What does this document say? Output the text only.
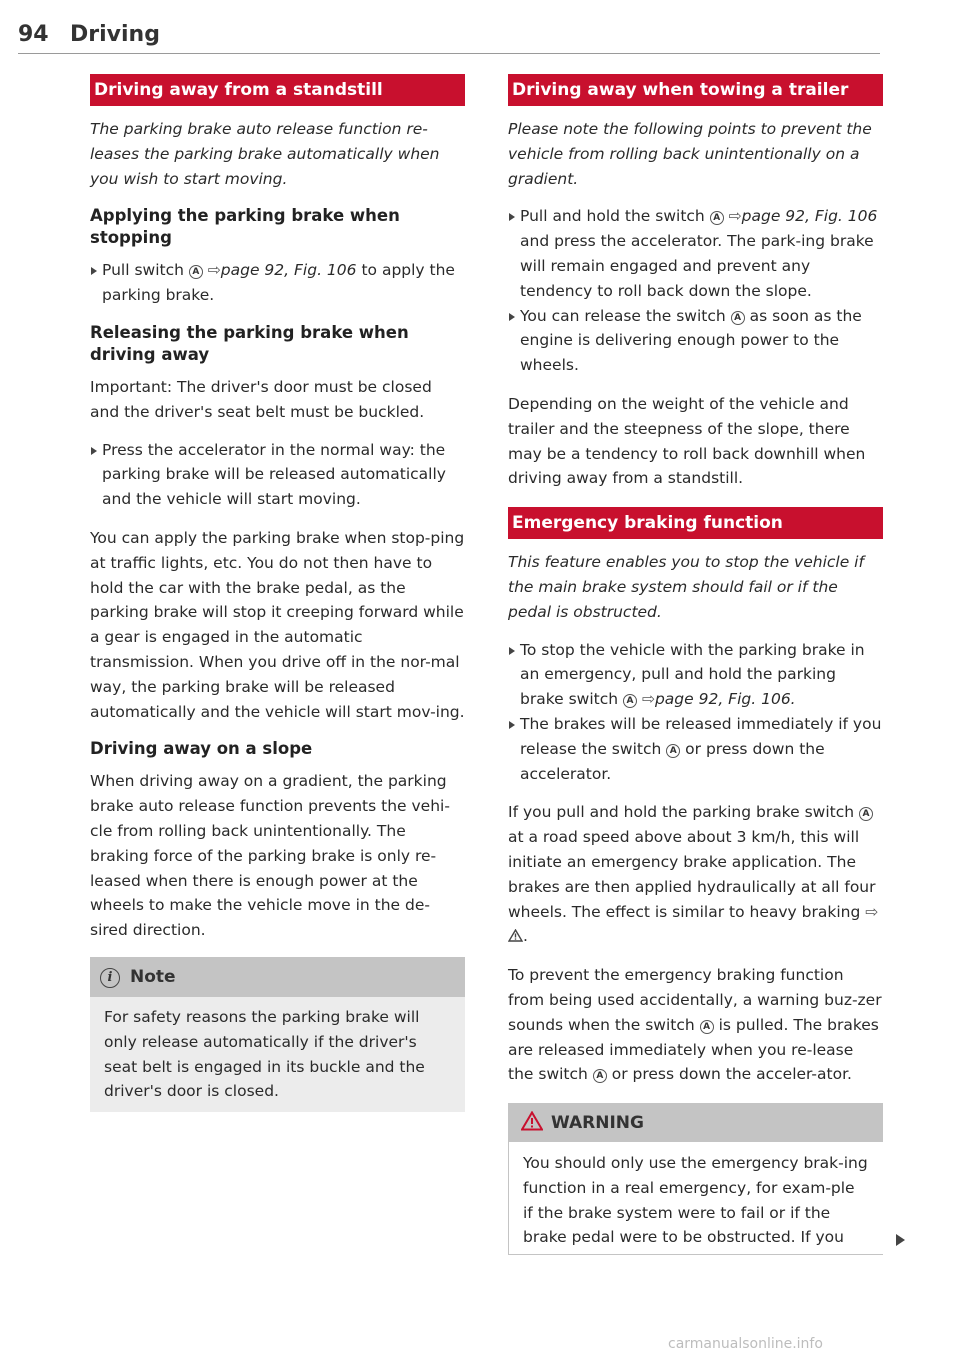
94 Driving
Driving away from a standstill

The parking brake auto release function re-leases the parking brake automatically when you wish to start moving.

Applying the parking brake when stopping

Pull switch A ⇨page 92, Fig. 106 to apply the parking brake.

Releasing the parking brake when driving away

Important: The driver's door must be closed and the driver's seat belt must be buckled.

Press the accelerator in the normal way: the parking brake will be released automatically and the vehicle will start moving.

You can apply the parking brake when stop-ping at traffic lights, etc. You do not then have to hold the car with the brake pedal, as the parking brake will stop it creeping forward while a gear is engaged in the automatic transmission. When you drive off in the nor-mal way, the parking brake will be released automatically and the vehicle will start mov-ing.

Driving away on a slope

When driving away on a gradient, the parking brake auto release function prevents the vehi-cle from rolling back unintentionally. The braking force of the parking brake is only re-leased when there is enough power at the wheels to make the vehicle move in the de-sired direction.

i Note

For safety reasons the parking brake will only release automatically if the driver's seat belt is engaged in its buckle and the driver's door is closed.

Driving away when towing a trailer

Please note the following points to prevent the vehicle from rolling back unintentionally on a gradient.

Pull and hold the switch A ⇨page 92, Fig. 106 and press the accelerator. The park-ing brake will remain engaged and prevent any tendency to roll back down the slope.

You can release the switch A as soon as the engine is delivering enough power to the wheels.

Depending on the weight of the vehicle and trailer and the steepness of the slope, there may be a tendency to roll back downhill when driving away from a standstill.

Emergency braking function

This feature enables you to stop the vehicle if the main brake system should fail or if the pedal is obstructed.

To stop the vehicle with the parking brake in an emergency, pull and hold the parking brake switch A ⇨page 92, Fig. 106.

The brakes will be released immediately if you release the switch A or press down the accelerator.

If you pull and hold the parking brake switch A at a road speed above about 3 km/h, this will initiate an emergency brake application. The brakes are then applied hydraulically at all four wheels. The effect is similar to heavy braking ⇨.

To prevent the emergency braking function from being used accidentally, a warning buz-zer sounds when the switch A is pulled. The brakes are released immediately when you re-lease the switch A or press down the acceler-ator.

WARNING

You should only use the emergency brak-ing function in a real emergency, for exam-ple if the brake system were to fail or if the brake pedal were to be obstructed. If you

carmanualsonline.info
